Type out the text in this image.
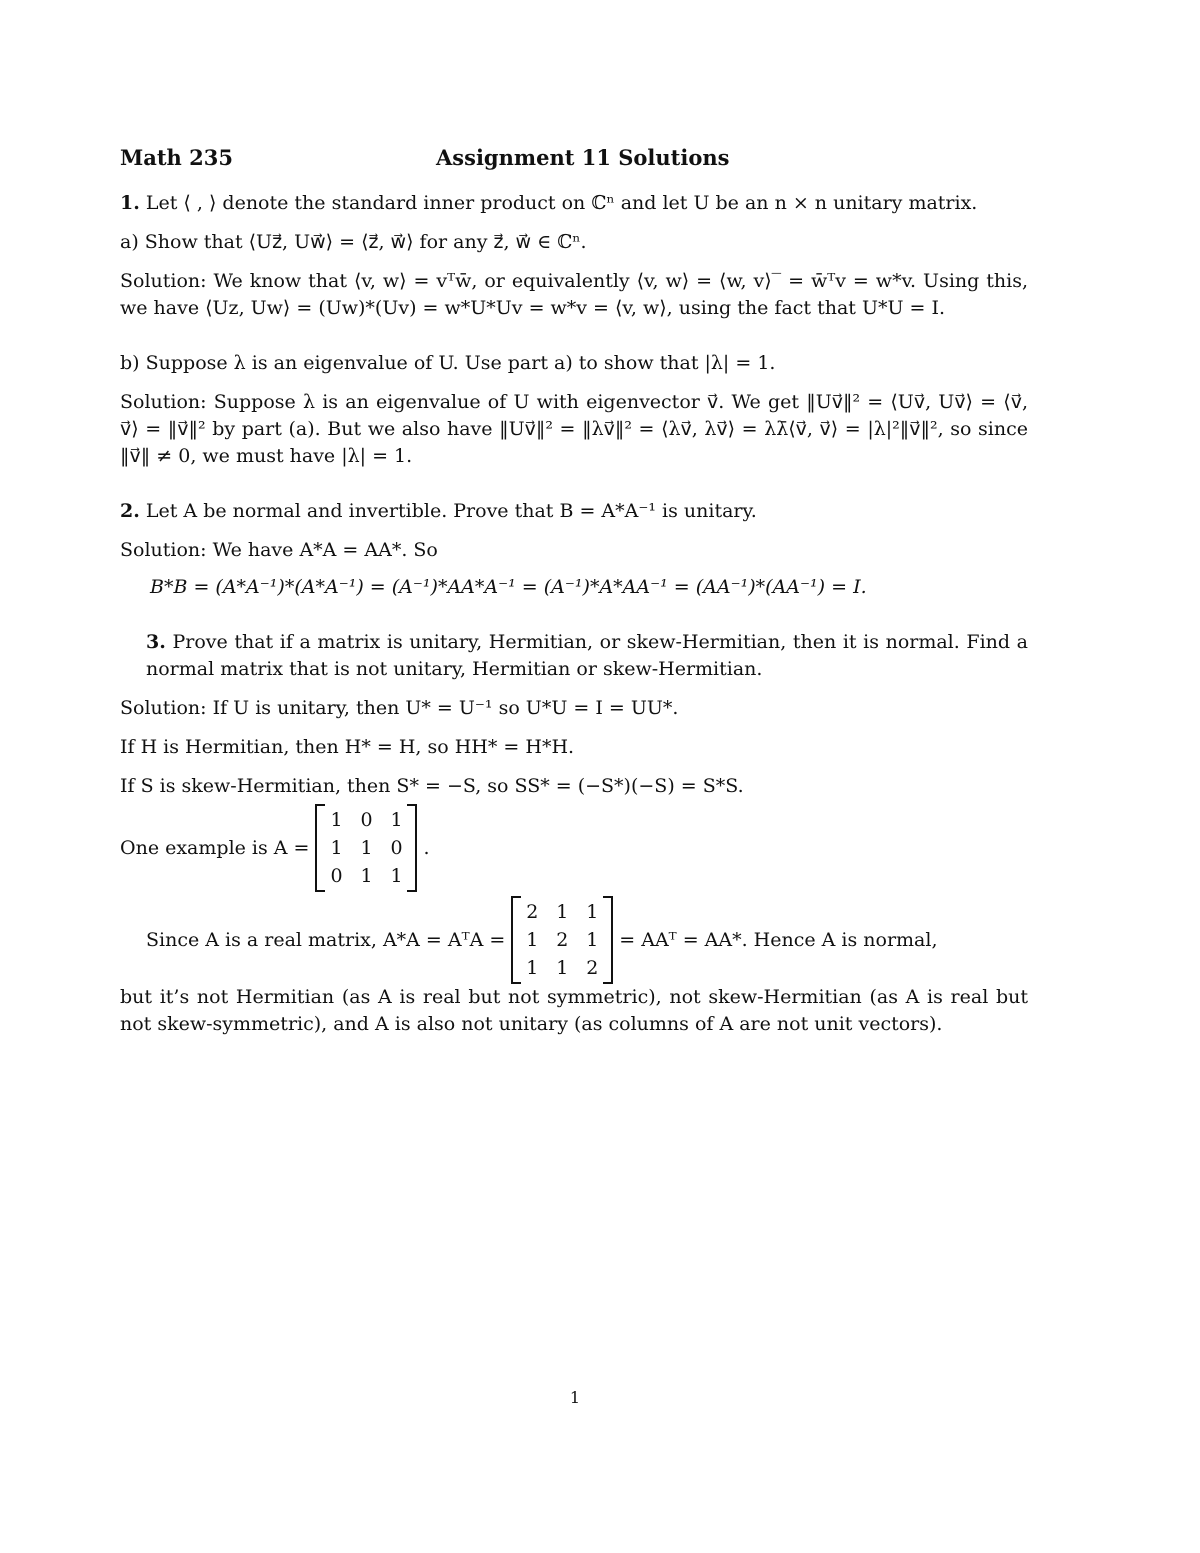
Math 235	Assignment 11 Solutions

1. Let ⟨ , ⟩ denote the standard inner product on ℂⁿ and let U be an n × n unitary matrix.

a) Show that ⟨Uz⃗, Uw⃗⟩ = ⟨z⃗, w⃗⟩ for any z⃗, w⃗ ∈ ℂⁿ.

Solution: We know that ⟨v, w⟩ = vᵀw̄, or equivalently ⟨v, w⟩ = ⟨w, v⟩‾ = w̄ᵀv = w*v. Using this, we have ⟨Uz, Uw⟩ = (Uw)*(Uv) = w*U*Uv = w*v = ⟨v, w⟩, using the fact that U*U = I.

b) Suppose λ is an eigenvalue of U. Use part a) to show that |λ| = 1.

Solution: Suppose λ is an eigenvalue of U with eigenvector v⃗. We get ‖Uv⃗‖² = ⟨Uv⃗, Uv⃗⟩ = ⟨v⃗, v⃗⟩ = ‖v⃗‖² by part (a). But we also have ‖Uv⃗‖² = ‖λv⃗‖² = ⟨λv⃗, λv⃗⟩ = λλ̄⟨v⃗, v⃗⟩ = |λ|²‖v⃗‖², so since ‖v⃗‖ ≠ 0, we must have |λ| = 1.

2. Let A be normal and invertible. Prove that B = A*A⁻¹ is unitary.

Solution: We have A*A = AA*. So

B*B = (A*A⁻¹)*(A*A⁻¹) = (A⁻¹)*AA*A⁻¹ = (A⁻¹)*A*AA⁻¹ = (AA⁻¹)*(AA⁻¹) = I.

3. Prove that if a matrix is unitary, Hermitian, or skew-Hermitian, then it is normal. Find a normal matrix that is not unitary, Hermitian or skew-Hermitian.

Solution: If U is unitary, then U* = U⁻¹ so U*U = I = UU*.

If H is Hermitian, then H* = H, so HH* = H*H.

If S is skew-Hermitian, then S* = −S, so SS* = (−S*)(−S) = S*S.

One example is A =
1 0 1
1 1 0
0 1 1
.
Since A is a real matrix, A*A = AᵀA =
2 1 1
1 2 1
1 1 2
= AAᵀ = AA*. Hence A is normal,

but it’s not Hermitian (as A is real but not symmetric), not skew-Hermitian (as A is real but not skew-symmetric), and A is also not unitary (as columns of A are not unit vectors).

1
